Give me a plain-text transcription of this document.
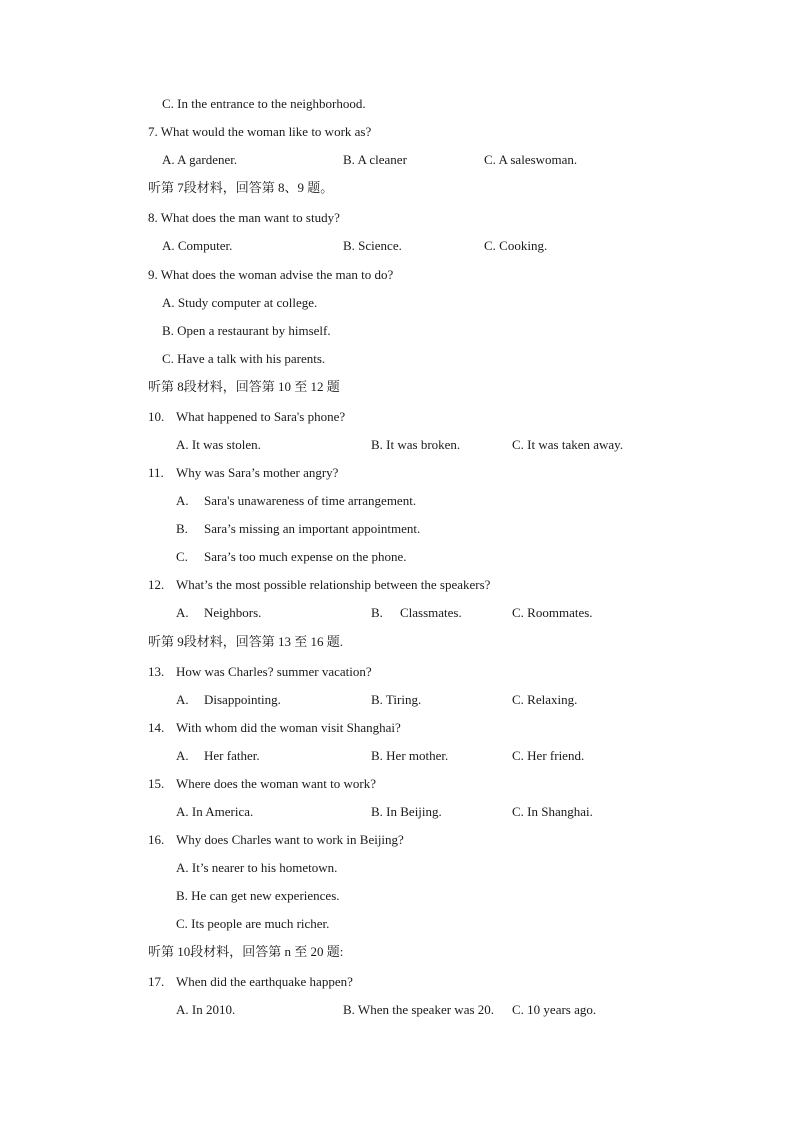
C. In the entrance to the neighborhood.
7. What would the woman like to work as?
A. A gardener.	B. A cleaner	C. A saleswoman.
听第 7段材料，回答第 8、9 题。
8. What does the man want to study?
A. Computer.	B. Science.	C. Cooking.
9. What does the woman advise the man to do?
A. Study computer at college.
B. Open a restaurant by himself.
C. Have a talk with his parents.
听第 8段材料，回答第 10 至 12 题
10. What happened to Sara's phone?
A. It was stolen.	B. It was broken.	C. It was taken away.
11. Why was Sara’s mother angry?
A. Sara's unawareness of time arrangement.
B. Sara’s missing an important appointment.
C. Sara’s too much expense on the phone.
12. What’s the most possible relationship between the speakers?
A. Neighbors.	B. Classmates.	C. Roommates.
听第 9段材料，回答第 13 至 16 题.
13. How was Charles? summer vacation?
A. Disappointing.	B. Tiring.	C. Relaxing.
14. With whom did the woman visit Shanghai?
A. Her father.	B. Her mother.	C. Her friend.
15. Where does the woman want to work?
A. In America.	B. In Beijing.	C. In Shanghai.
16. Why does Charles want to work in Beijing?
A. It’s nearer to his hometown.
B. He can get new experiences.
C. Its people are much richer.
听第 10段材料，回答第 n 至 20 题:
17. When did the earthquake happen?
A. In 2010.	B. When the speaker was 20. C. 10 years ago.
